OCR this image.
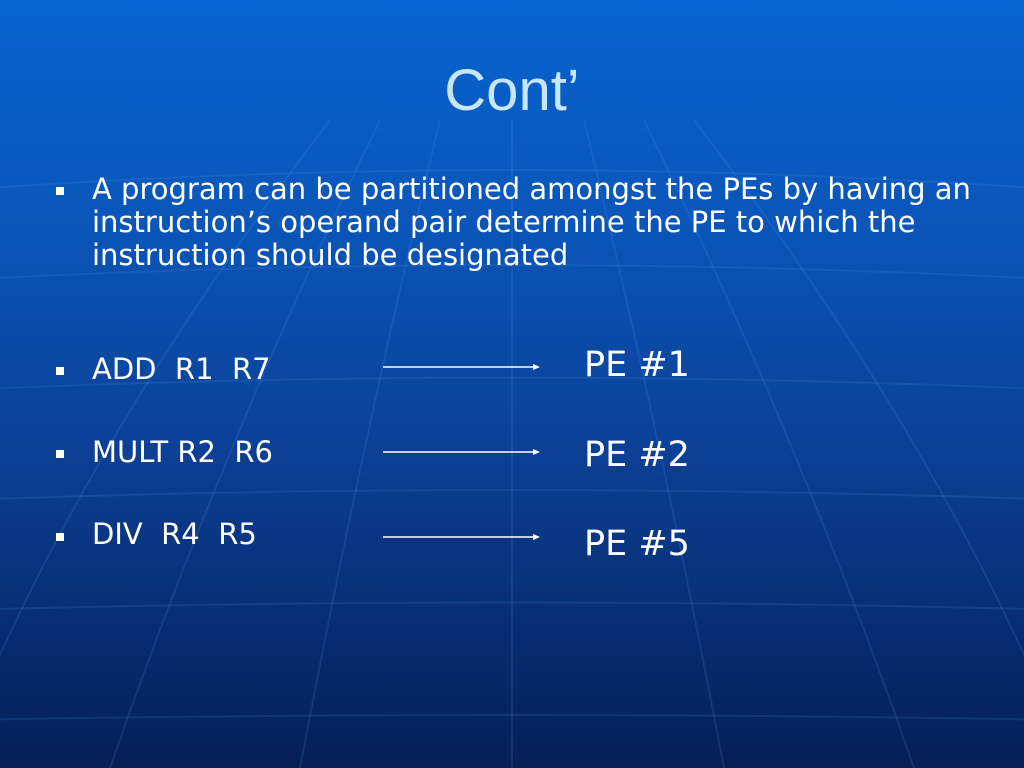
Cont’
A program can be partitioned amongst the PEs by having an instruction’s operand pair determine the PE to which the instruction should be designated
ADD  R1  R7	PE #1
MULT R2  R6	PE #2
DIV  R4  R5	PE #5
